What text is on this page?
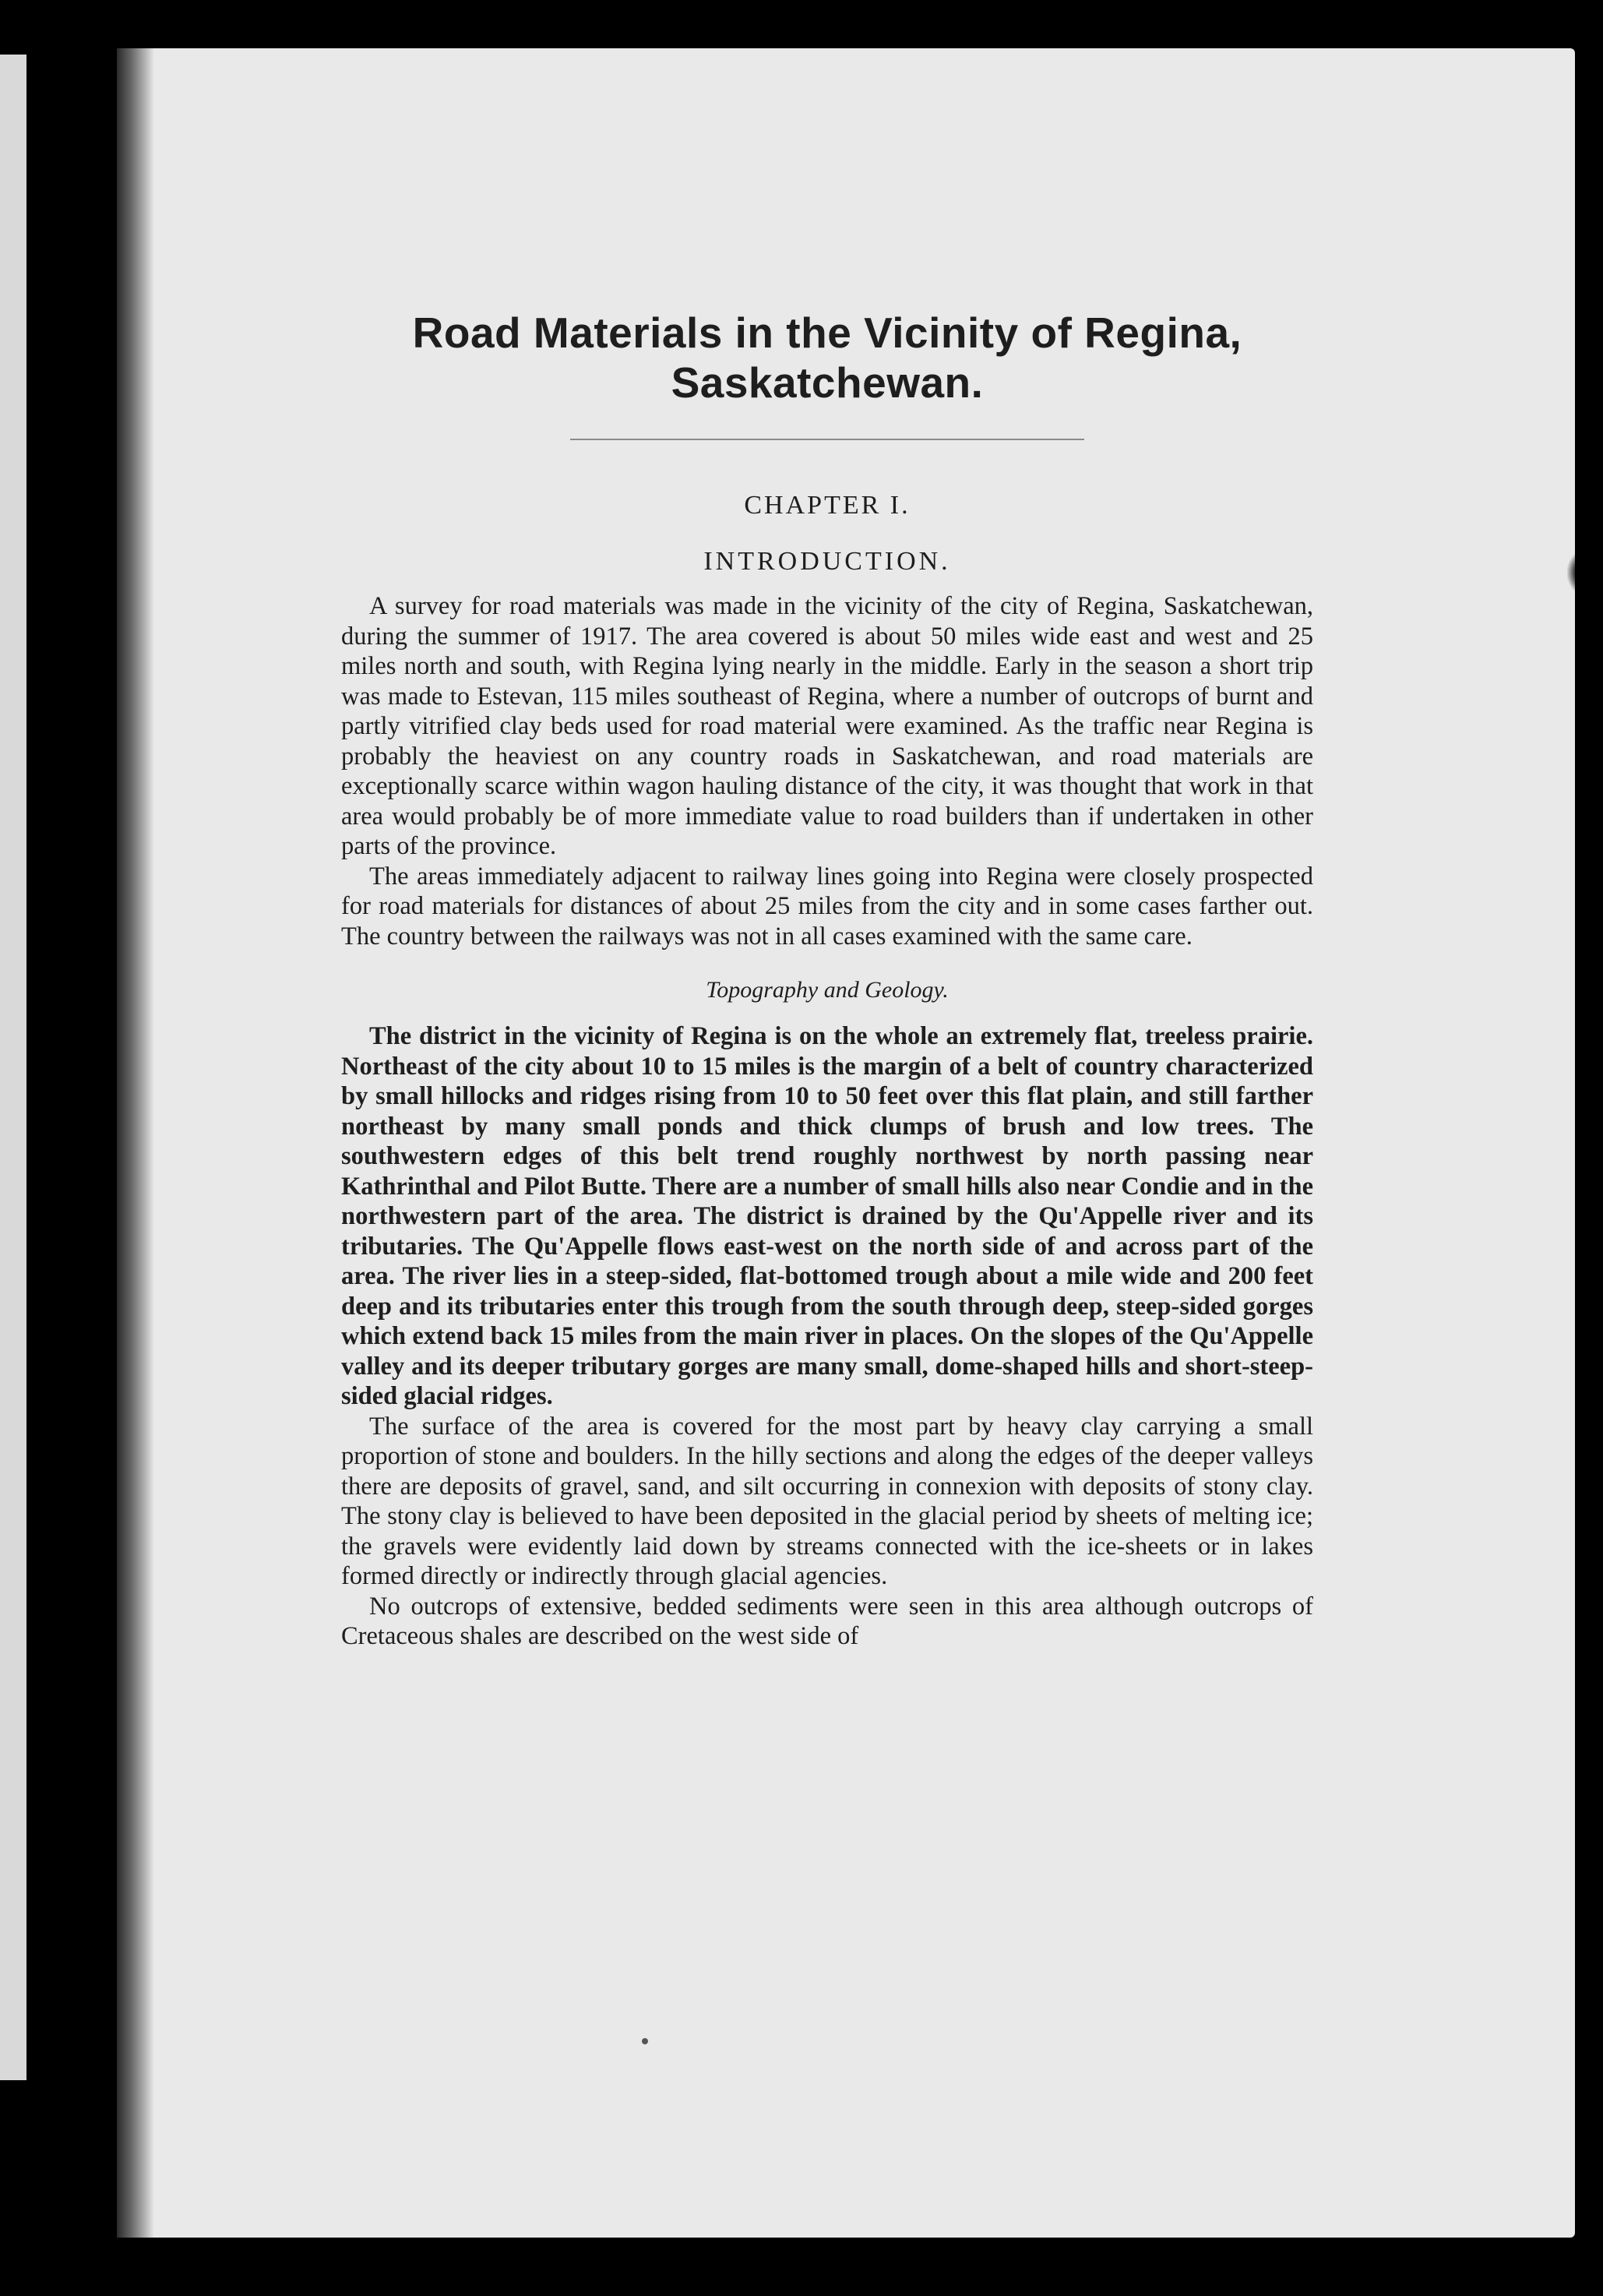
Road Materials in the Vicinity of Regina,
Saskatchewan.
CHAPTER I.
INTRODUCTION.

A survey for road materials was made in the vicinity of the city of Regina, Saskatchewan, during the summer of 1917. The area covered is about 50 miles wide east and west and 25 miles north and south, with Regina lying nearly in the middle. Early in the season a short trip was made to Estevan, 115 miles southeast of Regina, where a number of outcrops of burnt and partly vitrified clay beds used for road material were examined. As the traffic near Regina is probably the heaviest on any country roads in Saskatchewan, and road materials are exceptionally scarce within wagon hauling distance of the city, it was thought that work in that area would probably be of more immediate value to road builders than if undertaken in other parts of the province.

The areas immediately adjacent to railway lines going into Regina were closely prospected for road materials for distances of about 25 miles from the city and in some cases farther out. The country between the railways was not in all cases examined with the same care.

Topography and Geology.

The district in the vicinity of Regina is on the whole an extremely flat, treeless prairie. Northeast of the city about 10 to 15 miles is the margin of a belt of country characterized by small hillocks and ridges rising from 10 to 50 feet over this flat plain, and still farther northeast by many small ponds and thick clumps of brush and low trees. The southwestern edges of this belt trend roughly northwest by north passing near Kathrinthal and Pilot Butte. There are a number of small hills also near Condie and in the northwestern part of the area. The district is drained by the Qu'Appelle river and its tributaries. The Qu'Appelle flows east-west on the north side of and across part of the area. The river lies in a steep-sided, flat-bottomed trough about a mile wide and 200 feet deep and its tributaries enter this trough from the south through deep, steep-sided gorges which extend back 15 miles from the main river in places. On the slopes of the Qu'Appelle valley and its deeper tributary gorges are many small, dome-shaped hills and short-steep-sided glacial ridges.

The surface of the area is covered for the most part by heavy clay carrying a small proportion of stone and boulders. In the hilly sections and along the edges of the deeper valleys there are deposits of gravel, sand, and silt occurring in connexion with deposits of stony clay. The stony clay is believed to have been deposited in the glacial period by sheets of melting ice; the gravels were evidently laid down by streams connected with the ice-sheets or in lakes formed directly or indirectly through glacial agencies.

No outcrops of extensive, bedded sediments were seen in this area although outcrops of Cretaceous shales are described on the west side of
